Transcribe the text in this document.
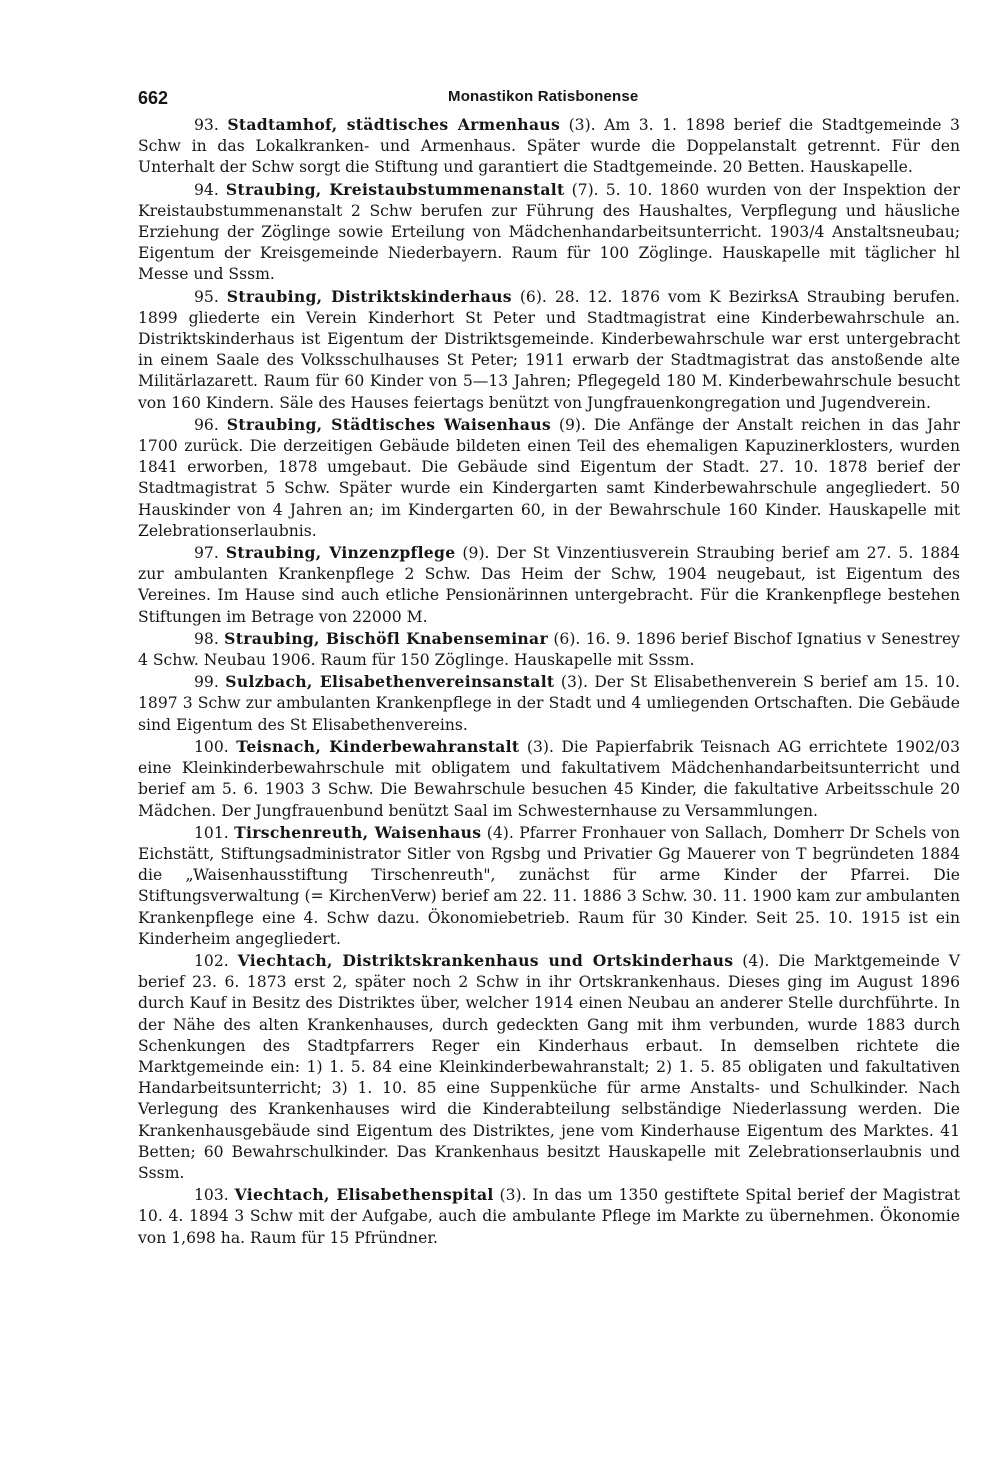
662	Monastikon Ratisbonense

93. Stadtamhof, städtisches Armenhaus (3). Am 3. 1. 1898 berief die Stadtgemeinde 3 Schw in das Lokalkranken- und Armenhaus. Später wurde die Doppelanstalt getrennt. Für den Unterhalt der Schw sorgt die Stiftung und garantiert die Stadtgemeinde. 20 Betten. Hauskapelle.

94. Straubing, Kreistaubstummenanstalt (7). 5. 10. 1860 wurden von der Inspektion der Kreistaubstummenanstalt 2 Schw berufen zur Führung des Haushaltes, Verpflegung und häusliche Erziehung der Zöglinge sowie Erteilung von Mädchenhandarbeitsunterricht. 1903/4 Anstaltsneubau; Eigentum der Kreisgemeinde Niederbayern. Raum für 100 Zöglinge. Hauskapelle mit täglicher hl Messe und Sssm.

95. Straubing, Distriktskinderhaus (6). 28. 12. 1876 vom K BezirksA Straubing berufen. 1899 gliederte ein Verein Kinderhort St Peter und Stadtmagistrat eine Kinderbewahrschule an. Distriktskinderhaus ist Eigentum der Distriktsgemeinde. Kinderbewahrschule war erst untergebracht in einem Saale des Volksschulhauses St Peter; 1911 erwarb der Stadtmagistrat das anstoßende alte Militärlazarett. Raum für 60 Kinder von 5—13 Jahren; Pflegegeld 180 M. Kinderbewahrschule besucht von 160 Kindern. Säle des Hauses feiertags benützt von Jungfrauenkongregation und Jugendverein.

96. Straubing, Städtisches Waisenhaus (9). Die Anfänge der Anstalt reichen in das Jahr 1700 zurück. Die derzeitigen Gebäude bildeten einen Teil des ehemaligen Kapuzinerklosters, wurden 1841 erworben, 1878 umgebaut. Die Gebäude sind Eigentum der Stadt. 27. 10. 1878 berief der Stadtmagistrat 5 Schw. Später wurde ein Kindergarten samt Kinderbewahrschule angegliedert. 50 Hauskinder von 4 Jahren an; im Kindergarten 60, in der Bewahrschule 160 Kinder. Hauskapelle mit Zelebrationserlaubnis.

97. Straubing, Vinzenzpflege (9). Der St Vinzentiusverein Straubing berief am 27. 5. 1884 zur ambulanten Krankenpflege 2 Schw. Das Heim der Schw, 1904 neugebaut, ist Eigentum des Vereines. Im Hause sind auch etliche Pensionärinnen untergebracht. Für die Krankenpflege bestehen Stiftungen im Betrage von 22000 M.

98. Straubing, Bischöfl Knabenseminar (6). 16. 9. 1896 berief Bischof Ignatius v Senestrey 4 Schw. Neubau 1906. Raum für 150 Zöglinge. Hauskapelle mit Sssm.

99. Sulzbach, Elisabethenvereinsanstalt (3). Der St Elisabethenverein S berief am 15. 10. 1897 3 Schw zur ambulanten Krankenpflege in der Stadt und 4 umliegenden Ortschaften. Die Gebäude sind Eigentum des St Elisabethenvereins.

100. Teisnach, Kinderbewahranstalt (3). Die Papierfabrik Teisnach AG errichtete 1902/03 eine Kleinkinderbewahrschule mit obligatem und fakultativem Mädchenhandarbeitsunterricht und berief am 5. 6. 1903 3 Schw. Die Bewahrschule besuchen 45 Kinder, die fakultative Arbeitsschule 20 Mädchen. Der Jungfrauenbund benützt Saal im Schwesternhause zu Versammlungen.

101. Tirschenreuth, Waisenhaus (4). Pfarrer Fronhauer von Sallach, Domherr Dr Schels von Eichstätt, Stiftungsadministrator Sitler von Rgsbg und Privatier Gg Mauerer von T begründeten 1884 die „Waisenhausstiftung Tirschenreuth", zunächst für arme Kinder der Pfarrei. Die Stiftungsverwaltung (= KirchenVerw) berief am 22. 11. 1886 3 Schw. 30. 11. 1900 kam zur ambulanten Krankenpflege eine 4. Schw dazu. Ökonomiebetrieb. Raum für 30 Kinder. Seit 25. 10. 1915 ist ein Kinderheim angegliedert.

102. Viechtach, Distriktskrankenhaus und Ortskinderhaus (4). Die Marktgemeinde V berief 23. 6. 1873 erst 2, später noch 2 Schw in ihr Ortskrankenhaus. Dieses ging im August 1896 durch Kauf in Besitz des Distriktes über, welcher 1914 einen Neubau an anderer Stelle durchführte. In der Nähe des alten Krankenhauses, durch gedeckten Gang mit ihm verbunden, wurde 1883 durch Schenkungen des Stadtpfarrers Reger ein Kinderhaus erbaut. In demselben richtete die Marktgemeinde ein: 1) 1. 5. 84 eine Kleinkinderbewahranstalt; 2) 1. 5. 85 obligaten und fakultativen Handarbeitsunterricht; 3) 1. 10. 85 eine Suppenküche für arme Anstalts- und Schulkinder. Nach Verlegung des Krankenhauses wird die Kinderabteilung selbständige Niederlassung werden. Die Krankenhausgebäude sind Eigentum des Distriktes, jene vom Kinderhause Eigentum des Marktes. 41 Betten; 60 Bewahrschulkinder. Das Krankenhaus besitzt Hauskapelle mit Zelebrationserlaubnis und Sssm.

103. Viechtach, Elisabethenspital (3). In das um 1350 gestiftete Spital berief der Magistrat 10. 4. 1894 3 Schw mit der Aufgabe, auch die ambulante Pflege im Markte zu übernehmen. Ökonomie von 1,698 ha. Raum für 15 Pfründner.
